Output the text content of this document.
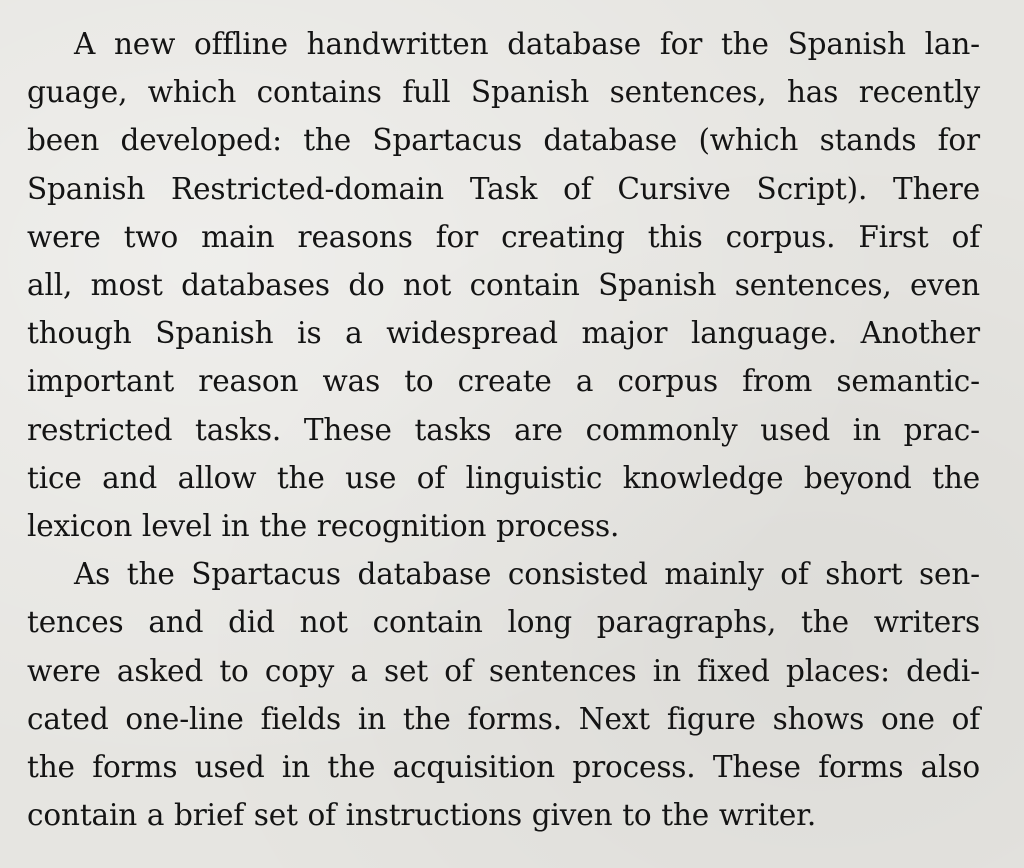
A new offline handwritten database for the Spanish lan-
guage, which contains full Spanish sentences, has recently
been developed: the Spartacus database (which stands for
Spanish Restricted-domain Task of Cursive Script). There
were two main reasons for creating this corpus. First of
all, most databases do not contain Spanish sentences, even
though Spanish is a widespread major language. Another
important reason was to create a corpus from semantic-
restricted tasks. These tasks are commonly used in prac-
tice and allow the use of linguistic knowledge beyond the
lexicon level in the recognition process.
As the Spartacus database consisted mainly of short sen-
tences and did not contain long paragraphs, the writers
were asked to copy a set of sentences in fixed places: dedi-
cated one-line fields in the forms. Next figure shows one of
the forms used in the acquisition process. These forms also
contain a brief set of instructions given to the writer.
